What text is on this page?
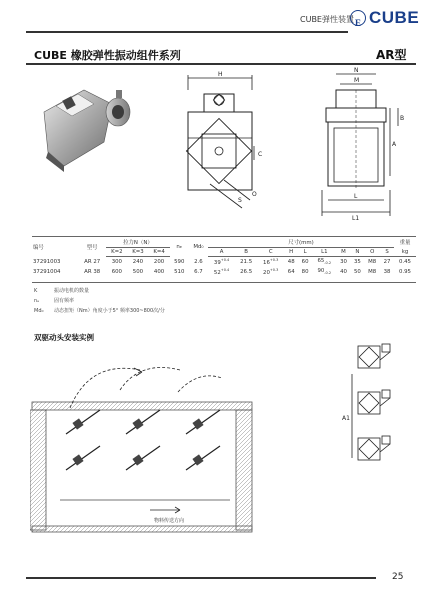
CUBE弹性装置 E CUBE
CUBE 橡胶弹性振动组件系列	AR型
H
C
S
O
N
M
A
B
L
L1
编号	型号	拉力N（N）			nₑ	Md₀	尺寸(mm)										重量
		K=2	K=3	K=4			A	B	C	H	L	L1	M	N	O	S	kg
37291003	AR 27	300	240	200	590	2.6	$39^{+0.4}$	21.5	$16^{+0.3}$	48	60	$65_{-0.2}$	30	35	M8	27	0.45
37291004	AR 38	600	500	400	510	6.7	$52^{+0.4}$	26.5	$20^{+0.3}$	64	80	$90_{-0.2}$	40	50	M8	38	0.95
K	振动电机的数量
nₑ	固有频率
Md₀ 动态扭矩（Nm）角度小于5° 频率300~800次/分
双驱动头安装实例
物料传送方向
A1
25
